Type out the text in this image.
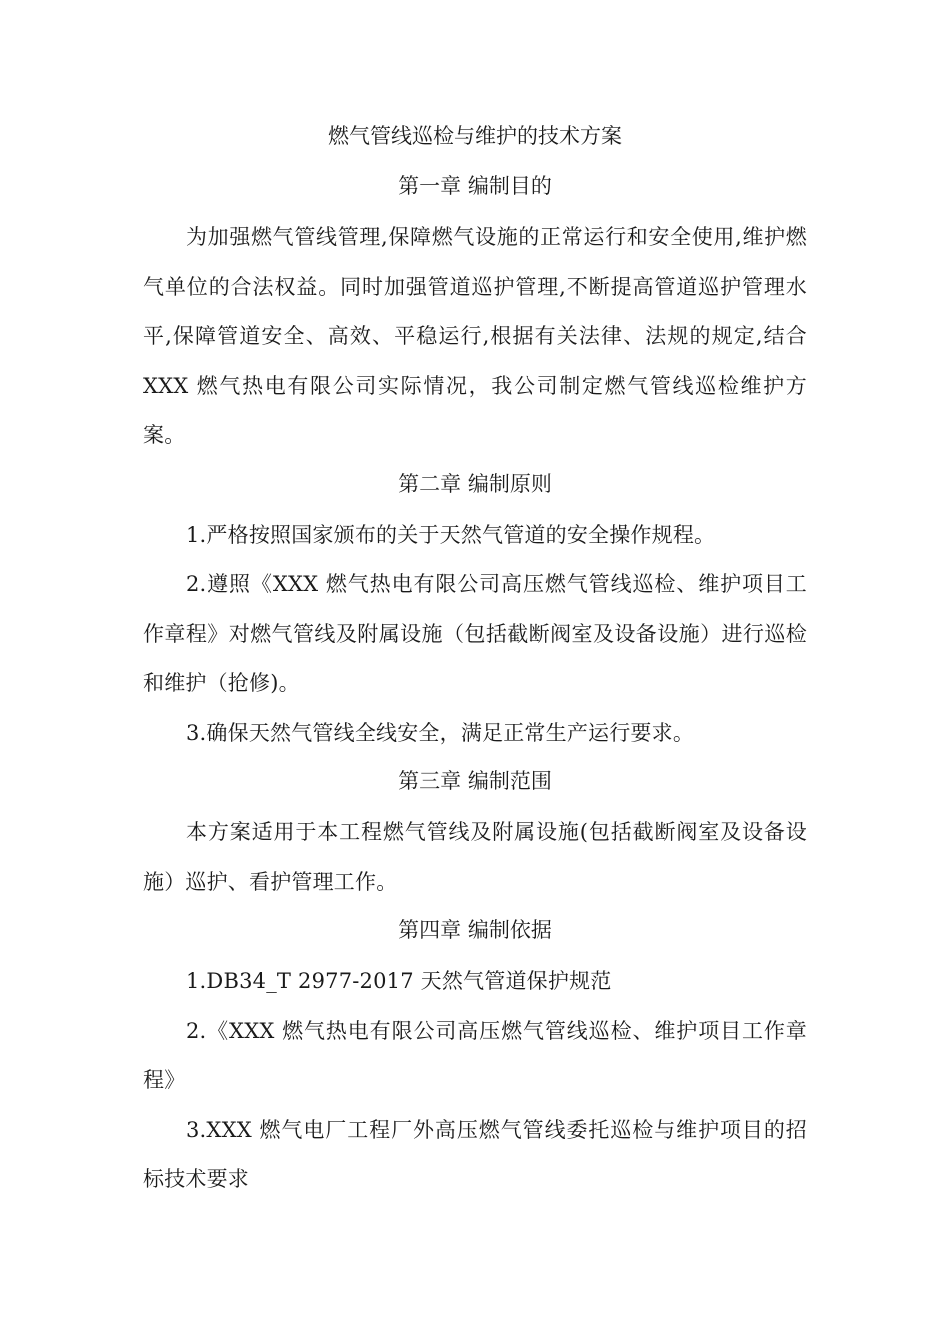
燃气管线巡检与维护的技术方案
第一章 编制目的

为加强燃气管线管理,保障燃气设施的正常运行和安全使用,维护燃气单位的合法权益。同时加强管道巡护管理,不断提高管道巡护管理水平,保障管道安全、高效、平稳运行,根据有关法律、法规的规定,结合 XXX 燃气热电有限公司实际情况，我公司制定燃气管线巡检维护方案。

第二章 编制原则

1.严格按照国家颁布的关于天然气管道的安全操作规程。

2.遵照《XXX 燃气热电有限公司高压燃气管线巡检、维护项目工作章程》对燃气管线及附属设施（包括截断阀室及设备设施）进行巡检和维护（抢修)。

3.确保天然气管线全线安全，满足正常生产运行要求。

第三章 编制范围

本方案适用于本工程燃气管线及附属设施(包括截断阀室及设备设施）巡护、看护管理工作。

第四章 编制依据

1.DB34_T 2977-2017 天然气管道保护规范

2.《XXX 燃气热电有限公司高压燃气管线巡检、维护项目工作章程》

3.XXX 燃气电厂工程厂外高压燃气管线委托巡检与维护项目的招标技术要求
